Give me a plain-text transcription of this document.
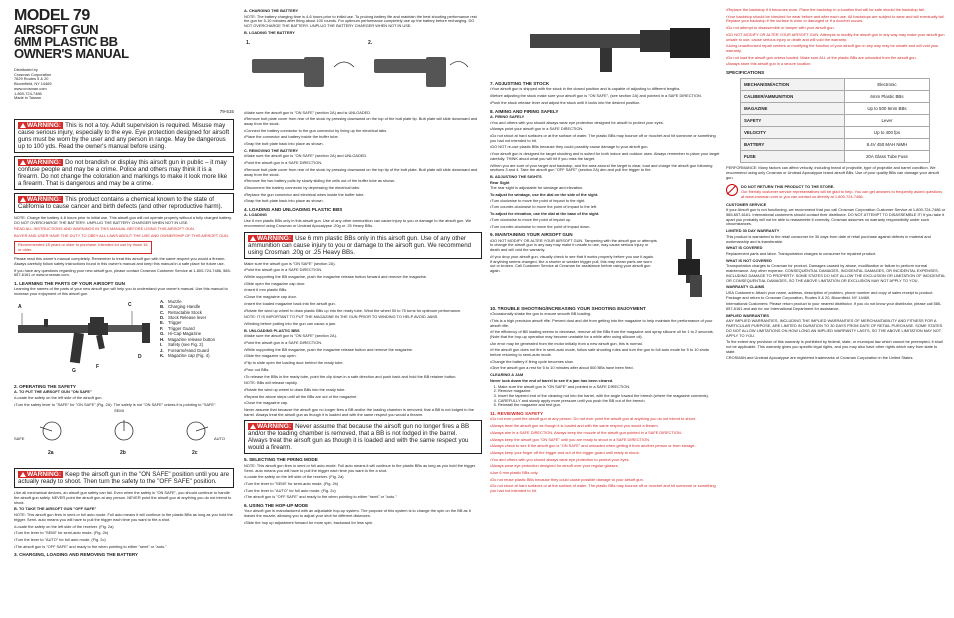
MODEL 79
AIRSOFT GUN
6MM PLASTIC BB
OWNER'S MANUAL
Distributed by
Crosman Corporation
7629 Routes 5 & 20
Bloomfield, NY 14469
www.crosman.com
1-800-724-7486
Made in Taiwan
79-515
WARNING: This is not a toy. Adult supervision is required. Misuse may cause serious injury, especially to the eye. Eye protection designed for airsoft guns must be worn by the user and any person in range. May be dangerous up to 100 yds. Read the owner's manual before using.
WARNING: Do not brandish or display this airsoft gun in public – it may confuse people and may be a crime. Police and others may think it is a firearm. Do not change the coloration and markings to make it look more like a firearm. That is dangerous and may be a crime.
WARNING: This product contains a chemical known to the state of California to cause cancer and birth defects (and other reproductive harm).

NOTE: Charge the battery 4-6 hours prior to initial use. This airsoft gun will not operate properly without a fully charged battery. DO NOT OVERCHARGE THE BATTERY. UNPLUG THE BATTERY CHARGER WHEN NOT IN USE.

READ ALL INSTRUCTIONS AND WARNINGS IN THIS MANUAL BEFORE USING THIS AIRSOFT GUN.

BUYER AND USER HAVE THE DUTY TO OBEY ALL LAWS ABOUT THE USE AND OWNERSHIP OF THIS AIRSOFT GUN.

Recommended 18 years or older to purchase. Intended for use by those 16 or older.

Please read this owner's manual completely. Remember to treat this airsoft gun with the same respect you would a firearm. Always carefully follow safety instructions found in this owner's manual and keep this manual in a safe place for future use.

If you have any questions regarding your new airsoft gun, please contact Crosman Customer Service at 1-800-724-7486, 585-657-6161 or www.crosman.com.

1. LEARNING THE PARTS OF YOUR AIRSOFT GUN

Learning the names of the parts of your new airsoft gun will help you to understand your owner's manual. Use this manual to increase your enjoyment of this airsoft gun.

A	C
D
G
F
A. Muzzle
B. Charging Handle
C. Retractable Stock
D. Stock Release lever
E. Trigger
F. Trigger Guard
G. Hi-Cap Magazine
H. Magazine release button
I. Safety (see Fig. 2)
J. Forearm/Hand Guard
K. Magazine cap (Fig. 4)
2. OPERATING THE SAFETY
A. TO PUT THE AIRSOFT GUN "ON SAFE"

•Locate the safety on the left side of the airsoft gun.

•Turn the safety lever to "SAFE" for "ON SAFE" (Fig. 2A). The safety is not "ON SAFE" unless it is pointing to "SAFE".

SAFE
SEMI
AUTO
2a	2b	2c
WARNING: Keep the airsoft gun in the "ON SAFE" position until you are actually ready to shoot. Then turn the safety to the "OFF SAFE" position.

Like all mechanical devices, an airsoft gun safety can fail. Even when the safety is "ON SAFE", you should continue to handle the airsoft gun safely. NEVER point the airsoft gun at any person. NEVER point the airsoft gun at anything you do not intend to shoot.

B. TO TAKE THE AIRSOFT GUN "OFF SAFE"

NOTE: This airsoft gun fires in semi or full auto mode. Full auto means it will continue to fire plastic BBs as long as you hold the trigger. Semi- auto means you will have to pull the trigger each time you want to fire a shot.

•Locate the safety on the left side of the receiver. (Fig. 2a)

•Turn the lever to "SEMI" for semi-auto mode. (Fig. 2b)

•Turn the lever to "AUTO" for full auto mode. (Fig. 2c)

•The airsoft gun is "OFF SAFE" and ready to fire when pointing to either "semi" or "auto."

3. CHARGING, LOADING AND REMOVING THE BATTERY
A. CHARGING THE BATTERY

NOTE: The battery charging time is 4-6 hours prior to initial use. To prolong battery life and maintain the best shooting performance rest the gun for 5-10 minutes after firing about 100 rounds. For optimum performance completely use up the battery before recharging. DO NOT OVERCHARGE THE BATTERY. UNPLUG THE BATTERY CHARGER WHEN NOT IN USE.

B. LOADING THE BATTERY
1.	2.

•Make sure the airsoft gun is "ON SAFE" (section 2A) and is UNLOADED.

•Remove butt plate cover from rear of the stock by pressing downward on the top of the butt plate tip. Butt plate will slide downward and away from the stock.

•Connect the battery connector to the gun connector by lining up the electrical tabs.

•Place the connector and battery inside the buffer tube.

•Snap the butt plate back into place as shown.

C. REMOVING THE BATTERY

•Make sure the airsoft gun is "ON SAFE" (section 2A) and UNLOADED.

•Point the airsoft gun in a SAFE DIRECTION.

•Remove butt plate cover from rear of the stock by pressing downward on the top tip of the butt plate. Butt plate will slide downward and away from the stock.

•Remove the two battery pulls by slowly sliding the cells out of the buffer tube as shown.

•Disconnect the battery connector by depressing the electrical tabs.

•Replace the gun connector and electrical wires inside the buffer tube.

•Snap the butt plate back into place as shown.

4. LOADING AND UNLOADING PLASTIC BBS
A. LOADING

Use 6 mm plastic BBs only in this airsoft gun. Use of any other ammunition can cause injury to you or damage to the airsoft gun. We recommend using Crosman or Undead Apocalypse .20g or .25 Heavy BBs.

WARNING: Use 6 mm plastic BBs only in this airsoft gun. Use of any other ammunition can cause injury to you or damage to the airsoft gun. We recommend using Crosman .20g or .25 Heavy BBs.

Make sure the airsoft gun is "ON SAFE" (section 2A).

•Point the airsoft gun in a SAFE DIRECTION.

•While supporting the BB magazine, push the magazine release button forward and remove the magazine.

•Slide open the magazine cap door.

•Insert 6 mm plastic BBs.

•Close the magazine cap door.

•Insert the loaded magazine back into the airsoft gun.

•Rotate the wind up wheel to draw plastic BBs up into the ready tube. Wind the wheel 50 to 75 turns for optimum performance.

NOTE: IT IS IMPORTANT TO PUT THE MAGAZINE IN THE GUN PRIOR TO WINDING TO HELP AVOID JAMS.

•Winding before putting into the gun can cause a jam.

B. UNLOADING PLASTIC BBS

•Make sure the airsoft gun is "ON SAFE" (section 2A).

•Point the airsoft gun in a SAFE DIRECTION.

•While supporting the BB magazine, push the magazine release button and remove the magazine.

•Slide the magazine cap open.

•Flip to slide open the loading door behind the ready tube.

•Pour out BBs.

•To release the BBs in the ready tube, point the clip down in a safe direction and push back and hold the BB retainer button.

NOTE: BBs will release rapidly.

•Rotate the wind up wheel to draw BBs into the ready tube.

•Repeat the above steps until all the BBs are out of the magazine.

•Close the magazine cap.

Never assume that because the airsoft gun no longer fires a BB and/or the loading chamber is removed, that a BB is not lodged in the barrel. Always treat the airsoft gun as though it is loaded and with the same respect you would a firearm.

WARNING: Never assume that because the airsoft gun no longer fires a BB and/or the loading chamber is removed, that a BB is not lodged in the barrel. Always treat the airsoft gun as though it is loaded and with the same respect you would a firearm.
5. SELECTING THE FIRING MODE

NOTE: This airsoft gun fires in semi or full auto-mode. Full auto means it will continue to fire plastic BBs as long as you hold the trigger. Semi- auto means you will have to pull the trigger each time you want to fire a shot.

•Locate the safety on the left side of the receiver. (Fig. 2a)

•Turn the lever to "SEMI" for semi-auto mode. (Fig. 2b)

•Turn the lever to "AUTO" for full auto mode. (Fig. 2c)

•The airsoft gun is "OFF SAFE" and ready to fire when pointing to either "semi" or "auto."

6. USING THE HOP-UP MODE

Your airsoft gun is manufactured with an adjustable hop-up system. The purpose of this system is to change the spin on the BB as it leaves the muzzle, allowing you to adjust your shot for different distances.

•Slide the hop up adjustment forward for more spin, backward for less spin.

7. ADJUSTING THE STOCK

•Your airsoft gun is shipped with the stock in the closed position and is capable of adjusting to different lengths.

•Before adjusting the stock make sure your airsoft gun is "ON SAFE", (see section 2A) and pointed in a SAFE DIRECTION.

•Push the stock release lever and adjust the stock until it locks into the desired position.

8. AIMING AND FIRING SAFELY
A. FIRING SAFELY

•You and others with you should always wear eye protection designed for airsoft to protect your eyes.

•Always point your airsoft gun in a SAFE DIRECTION.

•Do not shoot at hard surfaces or at the surface of water. The plastic BBs may bounce off or ricochet and hit someone or something you had not intended to hit.

•DO NOT re-use plastic BBs because they could possibly cause damage to your airsoft gun.

•Your airsoft gun is designed for target shooting and is suited for both indoor and outdoor uses. Always remember to place your target carefully. THINK about what you will hit if you miss the target.

•When you are sure of your target and backstop, and the area around the target is clear, load and charge the airsoft gun following sections 3 and 4. Take the airsoft gun "OFF SAFE" (section 2A) aim and pull the trigger to fire.

B. ADJUSTING THE SIGHTS
Rear Sight

The rear sight is adjustable for windage and elevation.

To adjust for windage, use the dial on the side of the sight.

•Turn clockwise to move the point of impact to the right.

•Turn counter-clockwise to move the point of impact to the left.

To adjust for elevation, use the dial at the base of the sight.

•Turn clockwise to move the point of impact up.

•Turn counter-clockwise to move the point of impact down.

9. MAINTAINING YOUR AIRSOFT GUN

•DO NOT MODIFY OR ALTER YOUR AIRSOFT GUN. Tampering with the airsoft gun or attempts to change the airsoft gun in any way may make it unsafe to use, may cause serious injury or death and will void the warranty.

•If you drop your airsoft gun, visually check to see that it works properly before you use it again. If anything seems changed, like a shorter or weaker trigger pull, this may mean parts are worn out or broken. Call Customer Service at Crosman for assistance before using your airsoft gun again.

10. TROUBLE SHOOTING/INCREASING YOUR SHOOTING ENJOYMENT

•Occasionally shake the gun to ensure smooth BB loading.

•This is a high precision airsoft rifle. Prevent dust and dirt from getting into the magazine to help maintain the performance of your airsoft rifle.

•If the efficiency of BB loading seems to decrease, remove all the BBs from the magazine and spray silicone oil for 1 to 2 seconds. (Note that the hop-up operation may become unstable for a while after using silicone oil).

•An error may be generated from the motor initially from a new airsoft gun, this is normal.

•If the airsoft gun does not fire in semi-auto mode, follow safe shooting rules and turn the gun to full auto mode for 5 to 10 shots before returning to semi-auto mode.

•Change the battery if firing cycle becomes slow.

•Give the airsoft gun a rest for 5 to 10 minutes after about 500 BBs have been fired.

CLEARING A JAM
Never look down the end of barrel to see if a jam has been cleared.
1. Make sure the airsoft gun is "ON SAFE" and pointed in a SAFE DIRECTION.
2. Remove magazine.
3. Insert the tapered end of the cleaning rod into the barrel, with the angle toward the breech (where the magazine connects).
4. CAREFULLY and slowly apply more pressure until you push the BB out of the breech.
5. Reinstall the magazine and test gun.
11. REVIEWING SAFETY

•Do not ever point the airsoft gun at any person. Do not ever point the airsoft gun at anything you do not intend to shoot.

•Always treat the airsoft gun as though it is loaded and with the same respect you would a firearm.

•Always aim in a SAFE DIRECTION. Always keep the muzzle of the airsoft gun pointed in a SAFE DIRECTION.

•Always keep the airsoft gun "ON SAFE" until you are ready to shoot in a SAFE DIRECTION.

•Always check to see if the airsoft gun is "ON SAFE" and unloaded when getting it from another person or from storage.

•Always keep your finger off the trigger and out of the trigger guard until ready to shoot.

•You and others with you should always wear eye protection to protect your eyes.

•Always wear eye protection designed for airsoft over your regular glasses.

•Use 6 mm plastic BBs only.

•Do not reuse plastic BBs because they could cause possible damage to your airsoft gun.

•Do not shoot at hard surfaces or at the surface of water. The plastic BBs may bounce off or ricochet and hit someone or something you had not intended to hit.

•Replace the backstop if it becomes worn. Place the backstop in a location that will be safe should the backstop fail.

•Your backstop should be checked for wear before and after each use. All backstops are subject to wear and will eventually fail. Replace your backstop if the surface is worn or damaged or if a ricochet occurs.

•Do not attempt to disassemble or tamper with your airsoft gun.

•DO NOT MODIFY OR ALTER YOUR AIRSOFT GUN. Attempts to modify the airsoft gun in any way may make your airsoft gun unsafe to use, cause serious injury or death and will void the warranty.

•Using unauthorized repair centers or modifying the function of your airsoft gun in any way may be unsafe and will void your warranty.

•Do not load the airsoft gun unless loaded. Make sure ALL of the plastic BBs are unloaded from the airsoft gun.

•Always store this airsoft gun in a secure location.

SPECIFICATIONS
MECHANISM/ACTION	Electronic
CALIBER/AMMUNITION	6mm Plastic BBs
MAGAZINE	Up to 500 6mm BBs
SAFETY	Lever
VELOCITY	Up to 400 fps
BATTERY	8.4V 450 MAH NiMH
FUSE	20A Glass Tube Fuse

PERFORMANCE: Many factors can affect velocity, including brand of projectile, type of projectile and barrel condition. We recommend using only Crosman or Undead Apocalypse brand airsoft BBs. Use of poor quality BBs can damage your airsoft gun.

DO NOT RETURN THIS PRODUCT TO THE STORE.
Our friendly customer service representatives will be glad to help. You can get answers to frequently asked questions at www.crosman.com or you can contact us directly at 1-800-724-7486.
CUSTOMER SERVICE

If your Airsoft gun is not functioning, we recommend that you call Crosman Corporation Customer Service at 1-800-724-7486 or 585-657-6161. International customers should contact their distributor. DO NOT ATTEMPT TO DISASSEMBLE IT! If you take it apart you probably will not be able to reassemble it correctly. Crosman assumes no warranty responsibility under such circumstances.

LIMITED 30 DAY WARRANTY

This product is warranted to the retail consumer for 30 days from date of retail purchase against defects in material and workmanship and is transferable.

WHAT IS COVERED

Replacement parts and labor. Transportation charges to consumer for repaired product.

WHAT IS NOT COVERED

Transportation charges to Crosman for product. Damages caused by abuse, modification or failure to perform normal maintenance. Any other expense. CONSEQUENTIAL DAMAGES, INCIDENTAL DAMAGES, OR INCIDENTAL EXPENSES, INCLUDING DAMAGE TO PROPERTY. SOME STATES DO NOT ALLOW THE EXCLUSION OR LIMITATION OF INCIDENTAL OR CONSEQUENTIAL DAMAGES, SO THE ABOVE LIMITATION OR EXCLUSION MAY NOT APPLY TO YOU.

WARRANTY CLAIMS

USA Customers: Attach your name, address, description of problem, phone number and copy of sales receipt to product. Package and return to Crosman Corporation, Routes 5 & 20, Bloomfield, NY 14469.

International Customers: Please return product to your nearest distributor. If you do not know your distributor, please call 585-657-6161 and ask for our International Department for assistance.

IMPLIED WARRANTIES

ANY IMPLIED WARRANTIES, INCLUDING THE IMPLIED WARRANTIES OF MERCHANTABILITY AND FITNESS FOR A PARTICULAR PURPOSE, ARE LIMITED IN DURATION TO 30 DAYS FROM DATE OF RETAIL PURCHASE. SOME STATES DO NOT ALLOW LIMITATIONS ON HOW LONG AN IMPLIED WARRANTY LASTS, SO THE ABOVE LIMITATION MAY NOT APPLY TO YOU.

To the extent any provision of this warranty is prohibited by federal, state, or municipal law which cannot be preempted, it shall not be applicable. This warranty gives you specific legal rights, and you may also have other rights which vary from state to state.

CROSMAN and Undead Apocalypse are registered trademarks of Crosman Corporation in the United States.
